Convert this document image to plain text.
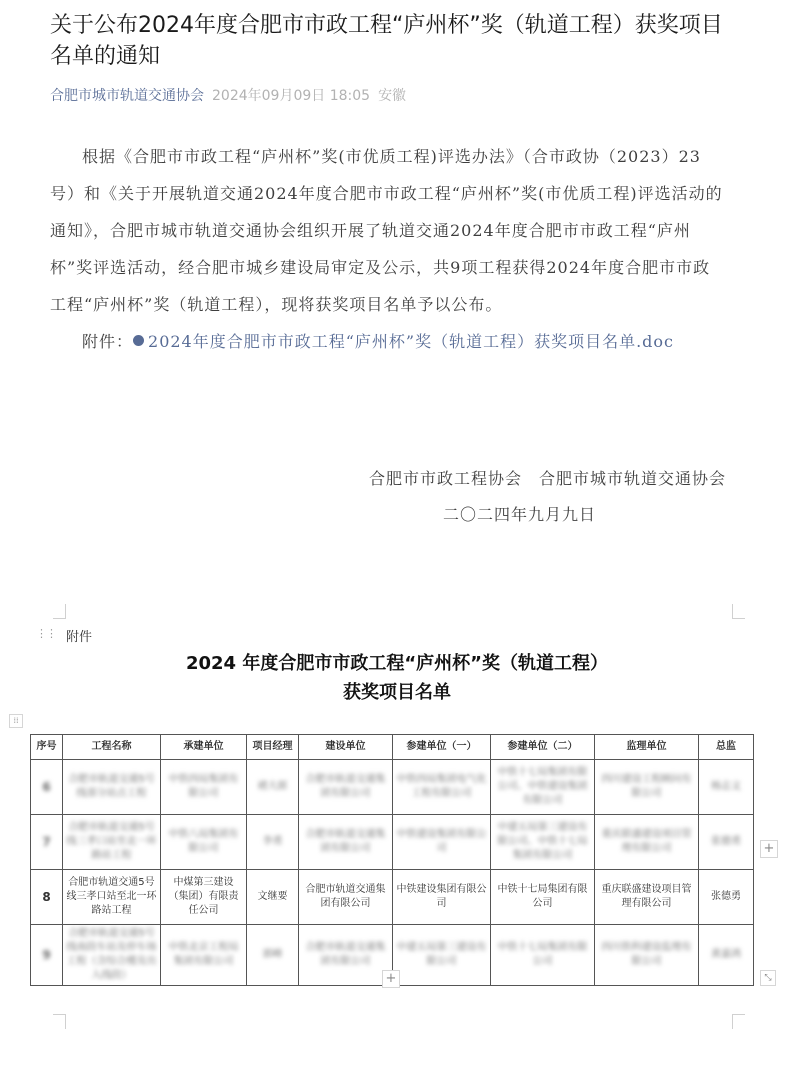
关于公布2024年度合肥市市政工程“庐州杯”奖（轨道工程）获奖项目名单的通知
合肥市城市轨道交通协会 2024年09月09日 18:05 安徽

根据《合肥市市政工程“庐州杯”奖(市优质工程)评选办法》（合市政协（2023）23号）和《关于开展轨道交通2024年度合肥市市政工程“庐州杯”奖(市优质工程)评选活动的通知》，合肥市城市轨道交通协会组织开展了轨道交通2024年度合肥市市政工程“庐州杯”奖评选活动，经合肥市城乡建设局审定及公示，共9项工程获得2024年度合肥市市政工程“庐州杯”奖（轨道工程），现将获奖项目名单予以公布。

附件： 2024年度合肥市市政工程“庐州杯”奖（轨道工程）获奖项目名单.doc

合肥市市政工程协会　合肥市城市轨道交通协会
二〇二四年九月九日
⋮⋮ 附件
2024 年度合肥市市政工程“庐州杯”奖（轨道工程）
获奖项目名单
⁞⁞
序号	工程名称	承建单位	项目经理	建设单位	参建单位（一）	参建单位（二）	监理单位	总监
6	合肥市轨道交通5号线部分站点工程	中铁四局集团有限公司	褚大郎	合肥市轨道交通集团有限公司	中铁四局集团电气化工程有限公司	中铁十七局集团有限公司、中铁建设集团有限公司	四川建设工程顾问有限公司	杨志文
7	合肥市轨道交通5号线三孝口站至北一环路站工程	中铁八局集团有限公司	李勇	合肥市轨道交通集团有限公司	中铁建设集团有限公司	中建五局第三建设有限公司、中铁十七局集团有限公司	重庆联盛建设项目管理有限公司	张德勇
8	合肥市轨道交通5号线三孝口站至北一环路站工程	中煤第三建设（集团）有限责任公司	文继要	合肥市轨道交通集团有限公司	中铁建设集团有限公司	中铁十七局集团有限公司	重庆联盛建设项目管理有限公司	张德勇
9	合肥市轨道交通5号线南段车站及停车场工程（含综合楼及出入线段）	中铁北京工程局集团有限公司	郭峰	合肥市轨道交通集团有限公司	中建五局第三建设有限公司	中铁十七局集团有限公司	四川铁科建设监理有限公司	黄嘉鸿
+
+	⤡
